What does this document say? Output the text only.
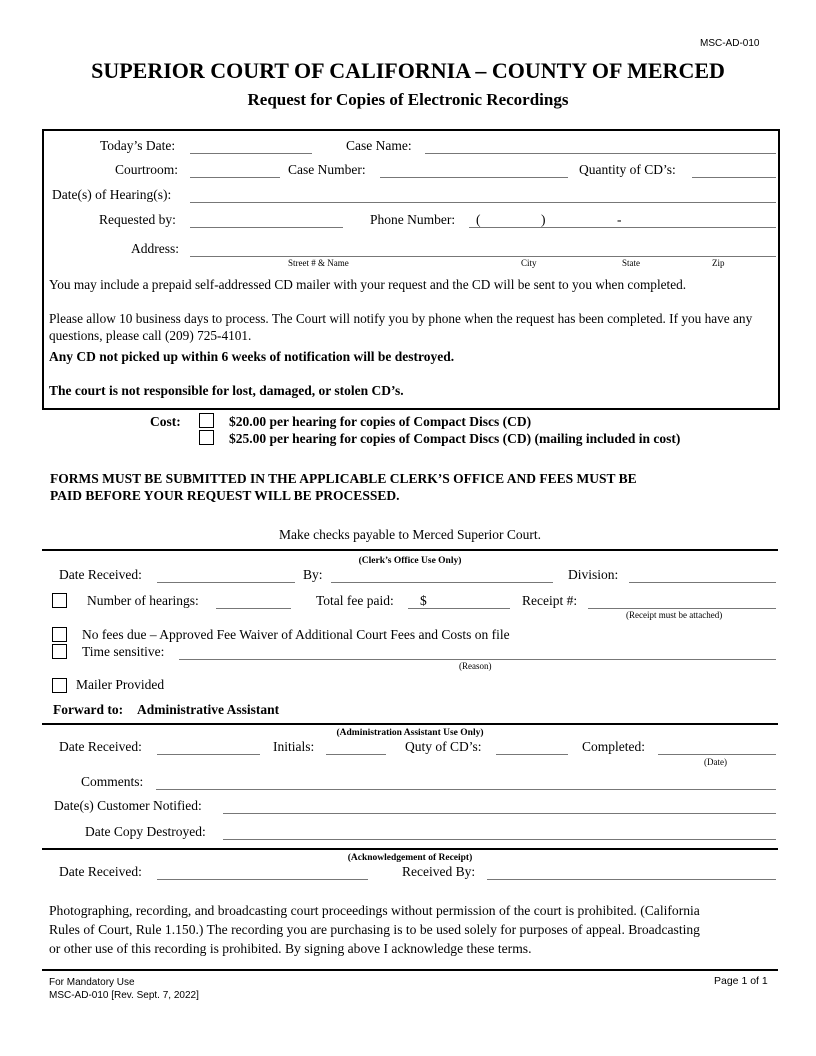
MSC-AD-010
SUPERIOR COURT OF CALIFORNIA – COUNTY OF MERCED
Request for Copies of Electronic Recordings
Today’s Date:	Case Name:
Courtroom:	Case Number:	Quantity of CD’s:
Date(s) of Hearing(s):
Requested by:	Phone Number: (	)	-
Address:
Street # & Name	City	State	Zip
You may include a prepaid self-addressed CD mailer with your request and the CD will be sent to you when completed.
Please allow 10 business days to process. The Court will notify you by phone when the request has been completed. If you have any questions, please call (209) 725-4101.
Any CD not picked up within 6 weeks of notification will be destroyed.
The court is not responsible for lost, damaged, or stolen CD’s.
Cost:	$20.00 per hearing for copies of Compact Discs (CD)
$25.00 per hearing for copies of Compact Discs (CD) (mailing included in cost)
FORMS MUST BE SUBMITTED IN THE APPLICABLE CLERK’S OFFICE AND FEES MUST BE
PAID BEFORE YOUR REQUEST WILL BE PROCESSED.
Make checks payable to Merced Superior Court.
(Clerk’s Office Use Only)
Date Received:	By:	Division:
Number of hearings:	Total fee paid: $	Receipt #:
(Receipt must be attached)
No fees due – Approved Fee Waiver of Additional Court Fees and Costs on file
Time sensitive:
(Reason)
Mailer Provided
Forward to: Administrative Assistant
(Administration Assistant Use Only)
Date Received:	Initials:	Quty of CD’s:	Completed:
(Date)
Comments:
Date(s) Customer Notified:
Date Copy Destroyed:
(Acknowledgement of Receipt)
Date Received:	Received By:
Photographing, recording, and broadcasting court proceedings without permission of the court is prohibited. (California
Rules of Court, Rule 1.150.) The recording you are purchasing is to be used solely for purposes of appeal. Broadcasting
or other use of this recording is prohibited. By signing above I acknowledge these terms.
For Mandatory Use
MSC-AD-010 [Rev. Sept. 7, 2022]
Page 1 of 1
